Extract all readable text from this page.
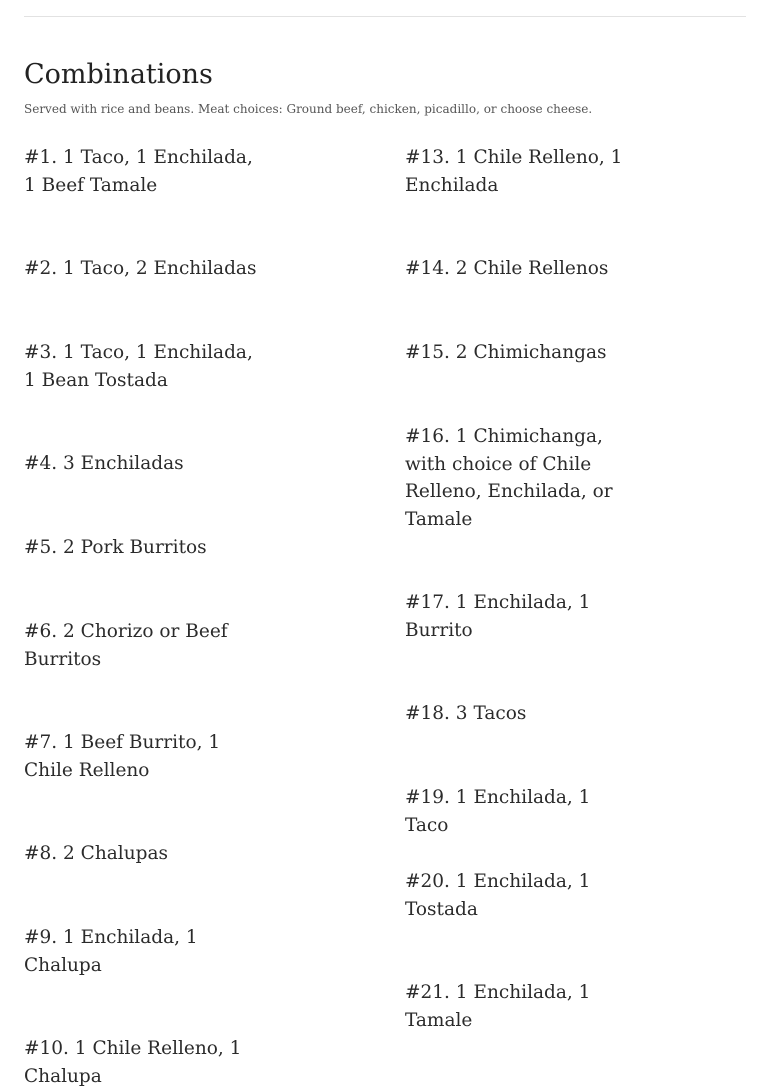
Combinations

Served with rice and beans. Meat choices: Ground beef, chicken, picadillo, or choose cheese.

#1. 1 Taco, 1 Enchilada, 1 Beef Tamale

#2. 1 Taco, 2 Enchiladas

#3. 1 Taco, 1 Enchilada, 1 Bean Tostada

#4. 3 Enchiladas

#5. 2 Pork Burritos

#6. 2 Chorizo or Beef Burritos

#7. 1 Beef Burrito, 1 Chile Relleno

#8. 2 Chalupas

#9. 1 Enchilada, 1 Chalupa

#10. 1 Chile Relleno, 1 Chalupa

#13. 1 Chile Relleno, 1 Enchilada

#14. 2 Chile Rellenos

#15. 2 Chimichangas

#16. 1 Chimichanga, with choice of Chile Relleno, Enchilada, or Tamale

#17. 1 Enchilada, 1 Burrito

#18. 3 Tacos

#19. 1 Enchilada, 1 Taco

#20. 1 Enchilada, 1 Tostada

#21. 1 Enchilada, 1 Tamale
